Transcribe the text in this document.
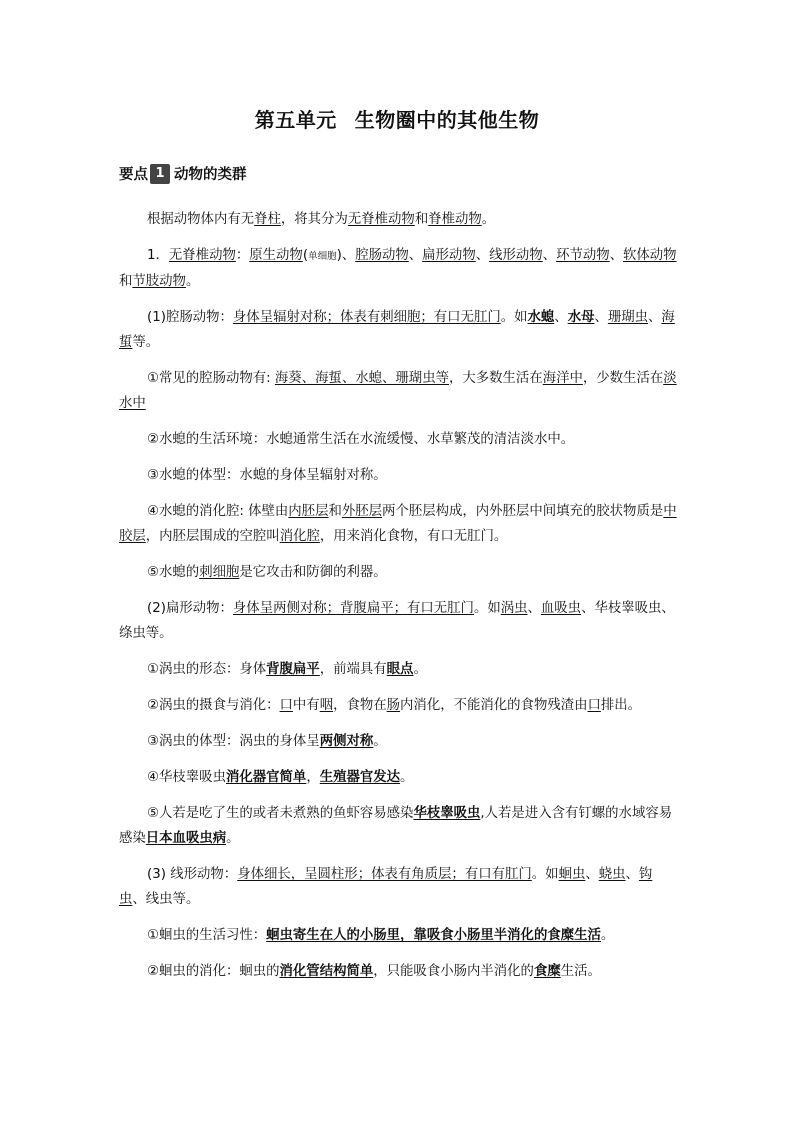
第五单元 生物圈中的其他生物
要点 1 动物的类群

根据动物体内有无脊柱，将其分为无脊椎动物和脊椎动物。

1．无脊椎动物：原生动物(单细胞)、腔肠动物、扁形动物、线形动物、环节动物、软体动物和节肢动物。

(1)腔肠动物：身体呈辐射对称；体表有刺细胞；有口无肛门。如水螅、水母、珊瑚虫、海蜇等。

①常见的腔肠动物有: 海葵、海蜇、水螅、珊瑚虫等，大多数生活在海洋中，少数生活在淡水中

②水螅的生活环境：水螅通常生活在水流缓慢、水草繁茂的清洁淡水中。

③水螅的体型：水螅的身体呈辐射对称。

④水螅的消化腔: 体壁由内胚层和外胚层两个胚层构成，内外胚层中间填充的胶状物质是中胶层，内胚层围成的空腔叫消化腔，用来消化食物，有口无肛门。

⑤水螅的刺细胞是它攻击和防御的利器。

(2)扁形动物：身体呈两侧对称；背腹扁平；有口无肛门。如涡虫、血吸虫、华枝睾吸虫、绦虫等。

①涡虫的形态：身体背腹扁平，前端具有眼点。

②涡虫的摄食与消化：口中有咽，食物在肠内消化，不能消化的食物残渣由口排出。

③涡虫的体型：涡虫的身体呈两侧对称。

④华枝睾吸虫消化器官简单，生殖器官发达。

⑤人若是吃了生的或者未煮熟的鱼虾容易感染华枝睾吸虫,人若是进入含有钉螺的水域容易感染日本血吸虫病。

(3) 线形动物：身体细长，呈圆柱形；体表有角质层；有口有肛门。如蛔虫、蛲虫、钩虫、线虫等。

①蛔虫的生活习性：蛔虫寄生在人的小肠里，靠吸食小肠里半消化的食糜生活。

②蛔虫的消化：蛔虫的消化管结构简单，只能吸食小肠内半消化的食糜生活。
